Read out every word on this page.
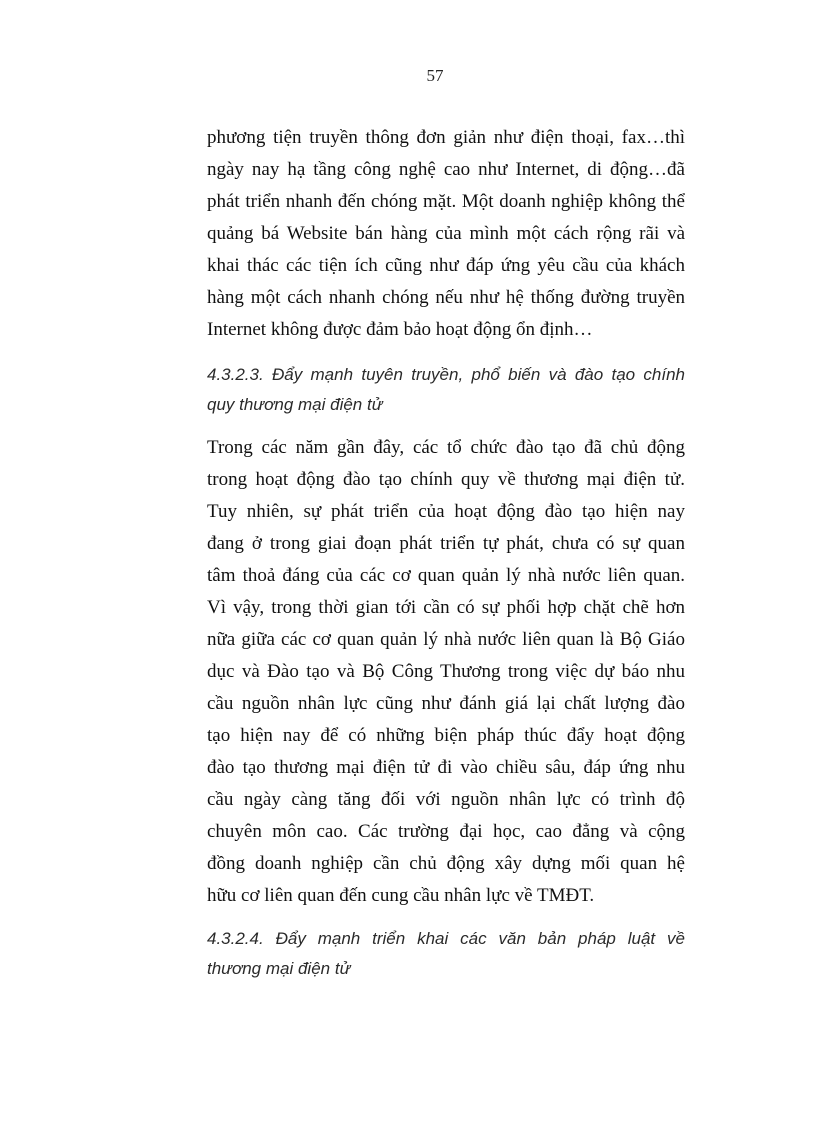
57

phương tiện truyền thông đơn giản như điện thoại, fax…thì
ngày nay hạ tầng công nghệ cao như Internet, di động…đã
phát triển nhanh đến chóng mặt. Một doanh nghiệp không thể
quảng bá Website bán hàng của mình một cách rộng rãi và
khai thác các tiện ích cũng như đáp ứng yêu cầu của khách
hàng một cách nhanh chóng nếu như hệ thống đường truyền
Internet không được đảm bảo hoạt động ổn định…

4.3.2.3. Đẩy mạnh tuyên truyền, phổ biến và đào tạo chính
quy thương mại điện tử

Trong các năm gần đây, các tổ chức đào tạo đã chủ động
trong hoạt động đào tạo chính quy về thương mại điện tử.
Tuy nhiên, sự phát triển của hoạt động đào tạo hiện nay
đang ở trong giai đoạn phát triển tự phát, chưa có sự quan
tâm thoả đáng của các cơ quan quản lý nhà nước liên quan.
Vì vậy, trong thời gian tới cần có sự phối hợp chặt chẽ hơn
nữa giữa các cơ quan quản lý nhà nước liên quan là Bộ Giáo
dục và Đào tạo và Bộ Công Thương trong việc dự báo nhu
cầu nguồn nhân lực cũng như đánh giá lại chất lượng đào
tạo hiện nay để có những biện pháp thúc đẩy hoạt động
đào tạo thương mại điện tử đi vào chiều sâu, đáp ứng nhu
cầu ngày càng tăng đối với nguồn nhân lực có trình độ
chuyên môn cao. Các trường đại học, cao đẳng và cộng
đồng doanh nghiệp cần chủ động xây dựng mối quan hệ
hữu cơ liên quan đến cung cầu nhân lực về TMĐT.

4.3.2.4. Đẩy mạnh triển khai các văn bản pháp luật về
thương mại điện tử
